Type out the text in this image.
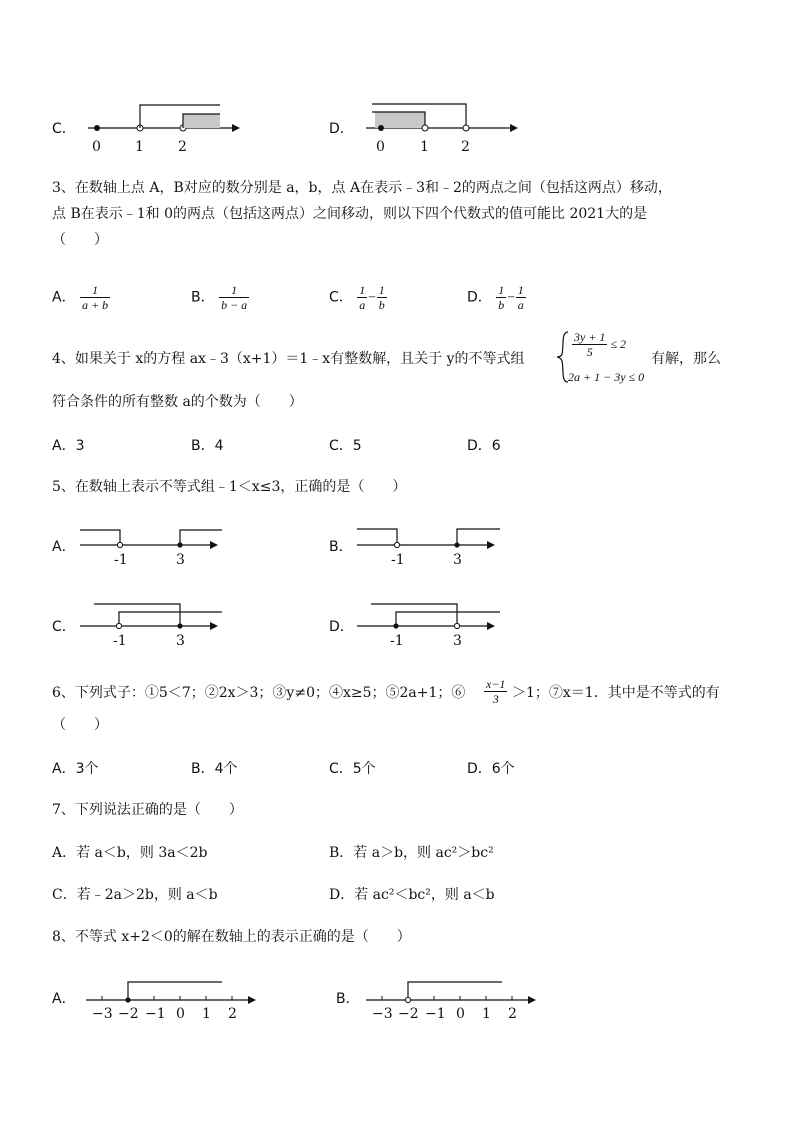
C．
0 1 2
D．
0	1 2
3、在数轴上点 A，B对应的数分别是 a，b，点 A在表示﹣3和﹣2的两点之间（包括这两点）移动，
点 B在表示﹣1和 0的两点（包括这两点）之间移动，则以下四个代数式的值可能比 2021大的是
（　　）
A． $\frac{1}{a + b}$	B． $\frac{1}{b - a}$	C． $\frac{1}{a} - \frac{1}{b}$	D． $\frac{1}{b} - \frac{1}{a}$
4、如果关于 x的方程 ax﹣3（x+1）＝1﹣x有整数解，且关于 y的不等式组	$\frac{3y + 1}{5} \le 2$
2a + 1 − 3y ≤ 0
有解，那么
符合条件的所有整数 a的个数为（　　）
A．3	B．4	C．5	D．6
5、在数轴上表示不等式组﹣1＜x≤3，正确的是（　　）
A．
-1	3
B．
-1	3
C．
-1	3
D．
-1	3
6、下列式子：①5＜7；②2x＞3；③y≠0；④x≥5；⑤2a+1；⑥ $\frac{x-1}{3} >1$；⑦x＝1．其中是不等式的有
（　　）
A．3个	B．4个	C．5个	D．6个
7、下列说法正确的是（　　）
A．若 a＜b，则 3a＜2b	B．若 a＞b，则 ac²＞bc²
C．若﹣2a＞2b，则 a＜b	D．若 ac²＜bc²，则 a＜b
8、不等式 x+2＜0的解在数轴上的表示正确的是（　　）
A．
−3 −2 −1 0 1 2
B．
−3 −2 −1 0 1 2
